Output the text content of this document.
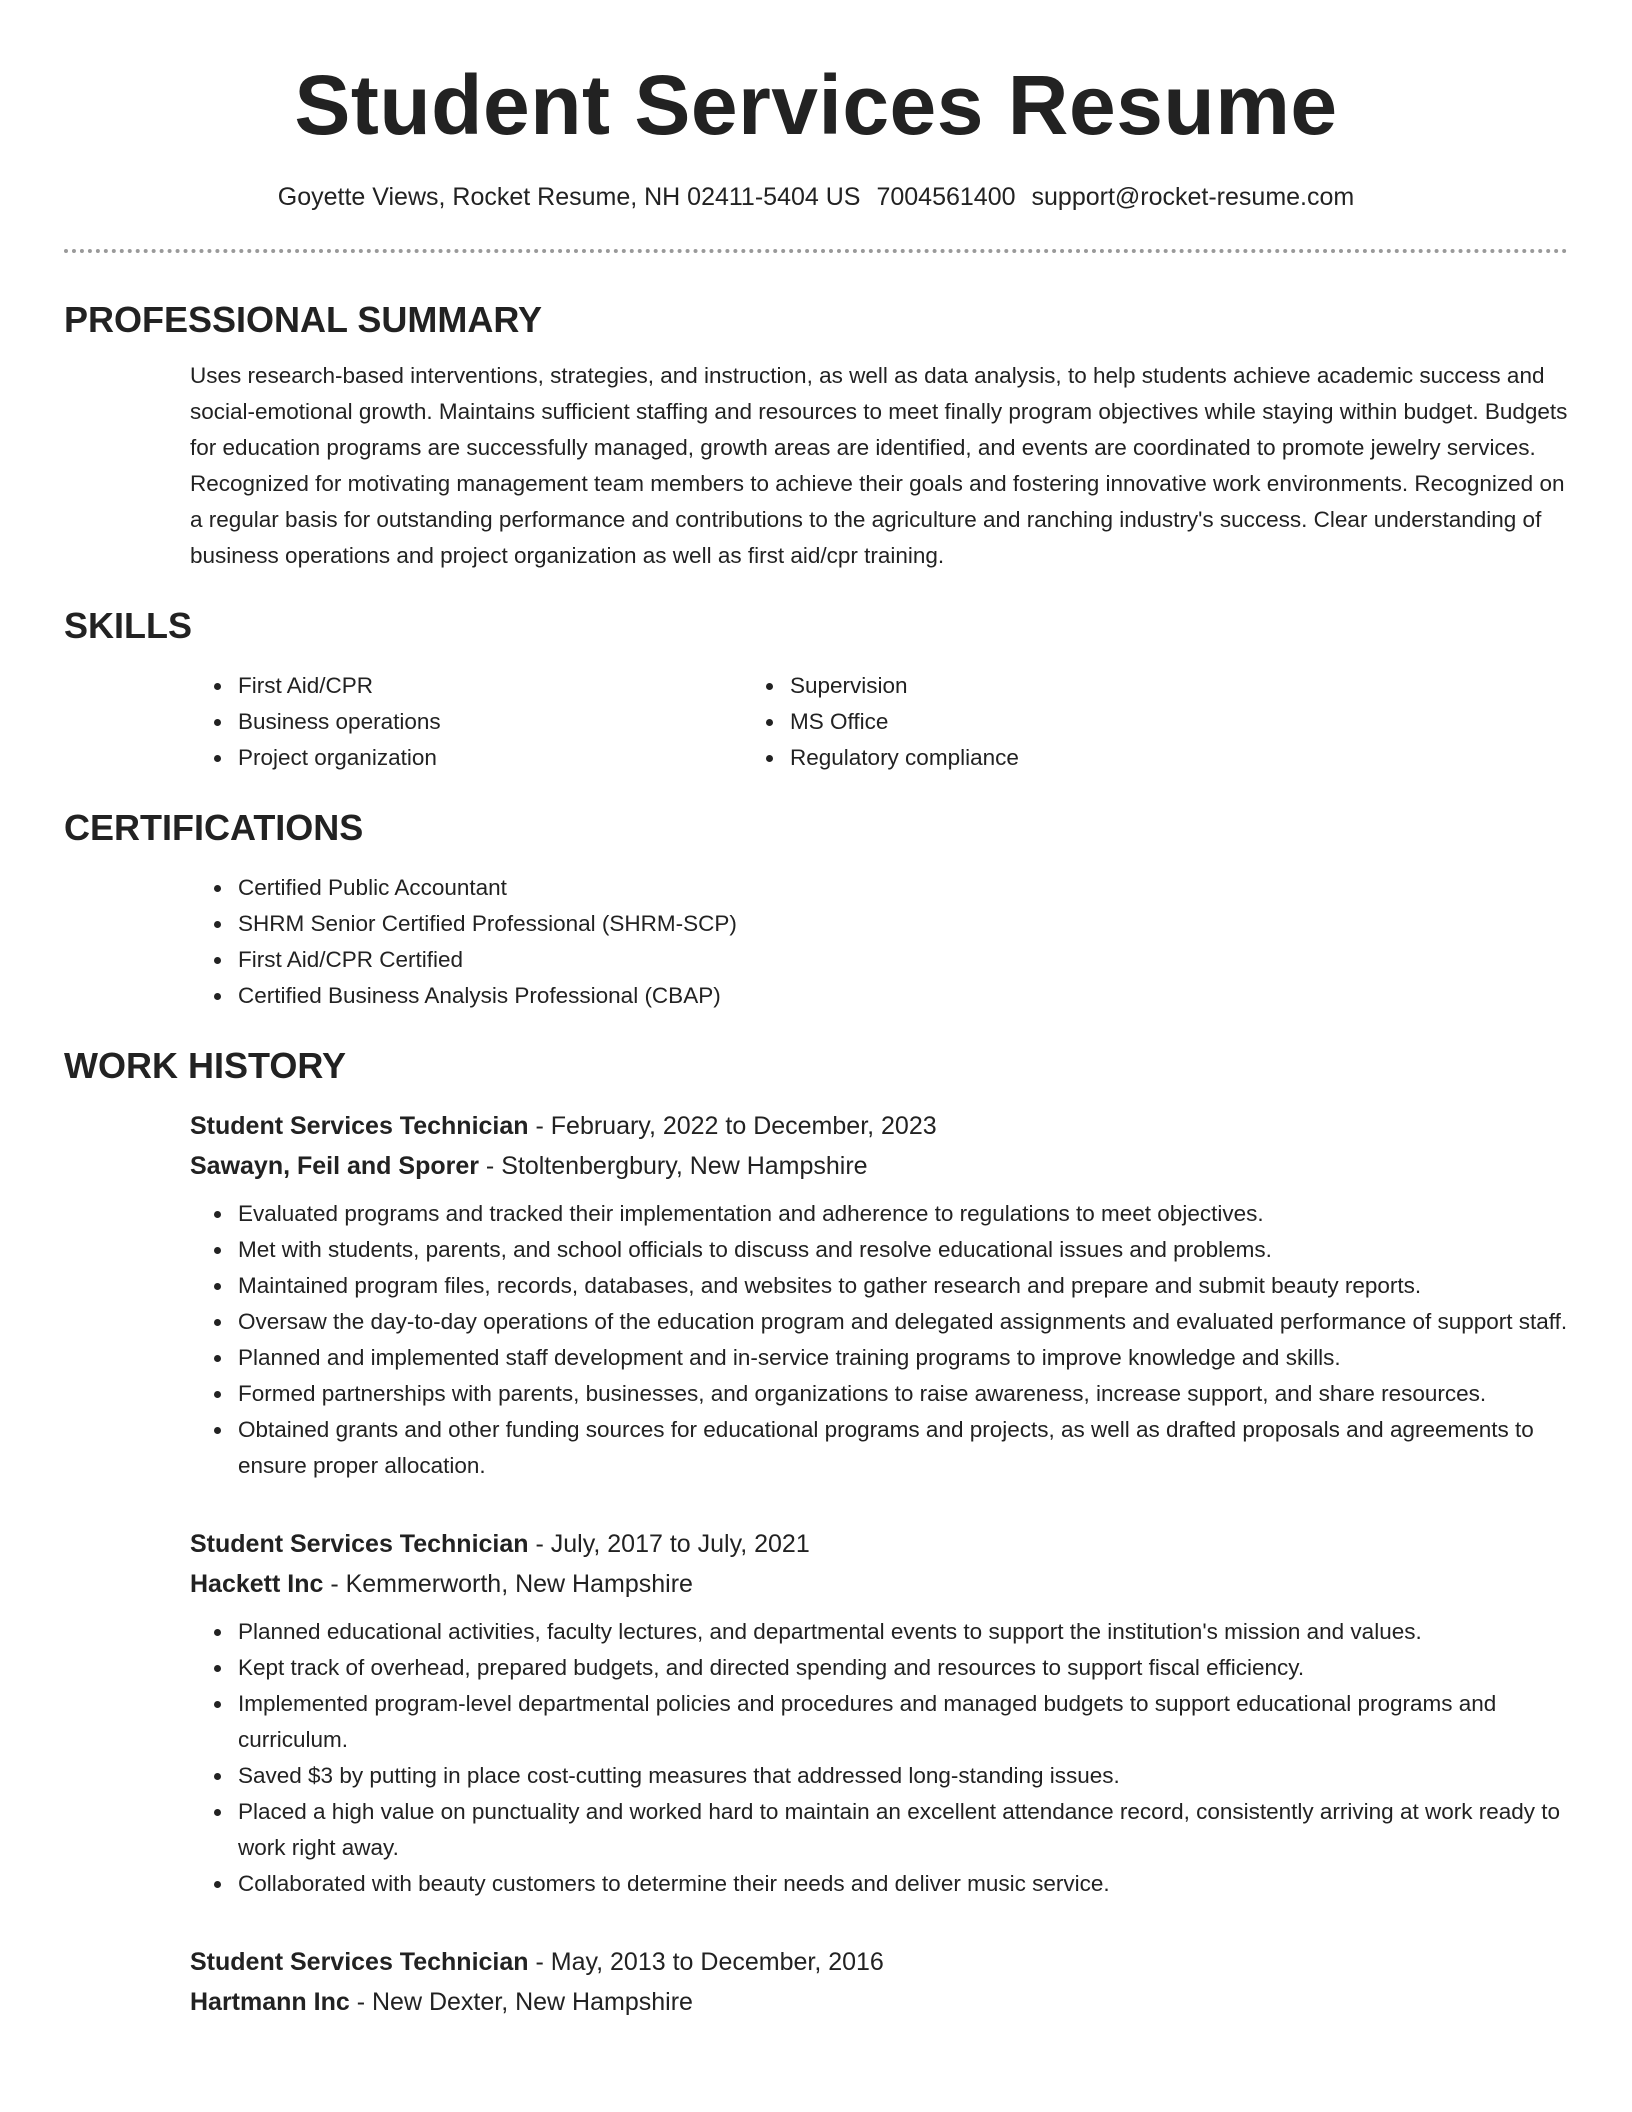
Student Services Resume
Goyette Views, Rocket Resume, NH 02411-5404 US 7004561400 support@rocket-resume.com
PROFESSIONAL SUMMARY
Uses research-based interventions, strategies, and instruction, as well as data analysis, to help students achieve academic success and social-emotional growth. Maintains sufficient staffing and resources to meet finally program objectives while staying within budget. Budgets for education programs are successfully managed, growth areas are identified, and events are coordinated to promote jewelry services. Recognized for motivating management team members to achieve their goals and fostering innovative work environments. Recognized on a regular basis for outstanding performance and contributions to the agriculture and ranching industry's success. Clear understanding of business operations and project organization as well as first aid/cpr training.
SKILLS
• First Aid/CPR
• Business operations
• Project organization
• Supervision
• MS Office
• Regulatory compliance
CERTIFICATIONS
• Certified Public Accountant
• SHRM Senior Certified Professional (SHRM-SCP)
• First Aid/CPR Certified
• Certified Business Analysis Professional (CBAP)
WORK HISTORY
Student Services Technician - February, 2022 to December, 2023
Sawayn, Feil and Sporer - Stoltenbergbury, New Hampshire
• Evaluated programs and tracked their implementation and adherence to regulations to meet objectives.
• Met with students, parents, and school officials to discuss and resolve educational issues and problems.
• Maintained program files, records, databases, and websites to gather research and prepare and submit beauty reports.
• Oversaw the day-to-day operations of the education program and delegated assignments and evaluated performance of support staff.
• Planned and implemented staff development and in-service training programs to improve knowledge and skills.
• Formed partnerships with parents, businesses, and organizations to raise awareness, increase support, and share resources.
• Obtained grants and other funding sources for educational programs and projects, as well as drafted proposals and agreements to ensure proper allocation.
Student Services Technician - July, 2017 to July, 2021
Hackett Inc - Kemmerworth, New Hampshire
• Planned educational activities, faculty lectures, and departmental events to support the institution's mission and values.
• Kept track of overhead, prepared budgets, and directed spending and resources to support fiscal efficiency.
• Implemented program-level departmental policies and procedures and managed budgets to support educational programs and curriculum.
• Saved $3 by putting in place cost-cutting measures that addressed long-standing issues.
• Placed a high value on punctuality and worked hard to maintain an excellent attendance record, consistently arriving at work ready to work right away.
• Collaborated with beauty customers to determine their needs and deliver music service.
Student Services Technician - May, 2013 to December, 2016
Hartmann Inc - New Dexter, New Hampshire
